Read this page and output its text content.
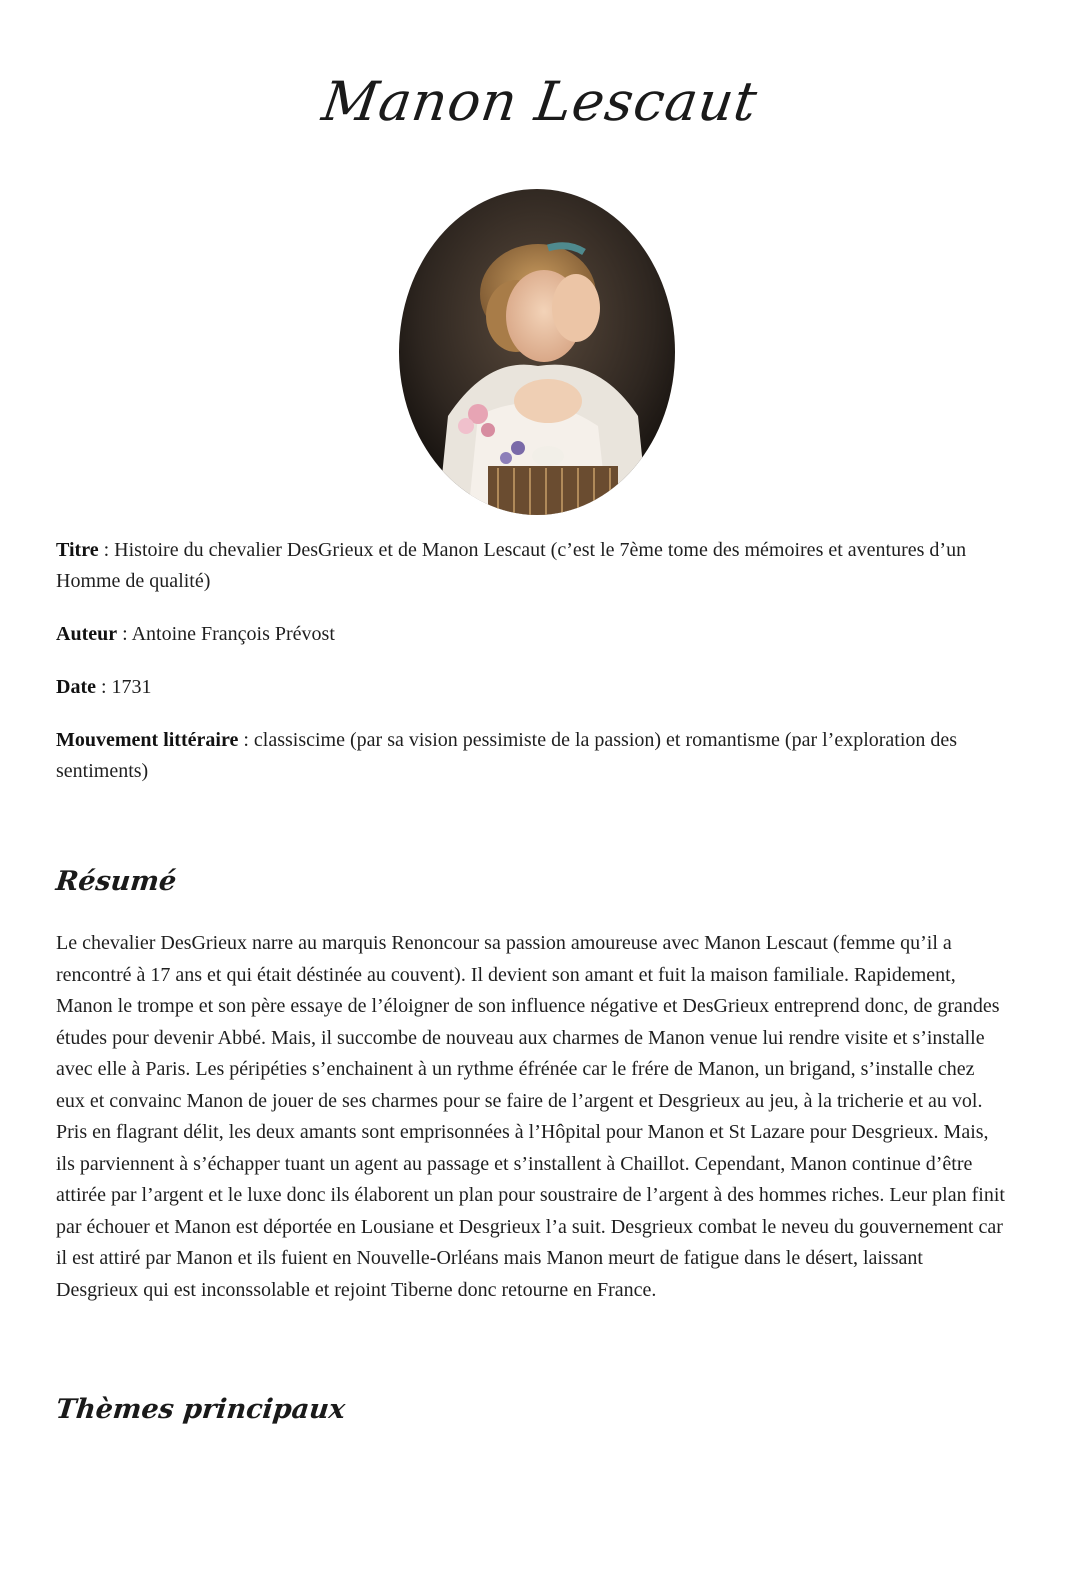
Manon Lescaut
Titre : Histoire du chevalier DesGrieux et de Manon Lescaut (c’est le 7ème tome des mémoires et aventures d’un Homme de qualité)
Auteur : Antoine François Prévost
Date : 1731
Mouvement littéraire : classiscime (par sa vision pessimiste de la passion) et romantisme (par l’exploration des sentiments)
Résumé
Le chevalier DesGrieux narre au marquis Renoncour sa passion amoureuse avec Manon Lescaut (femme qu’il a rencontré à 17 ans et qui était déstinée au couvent). Il devient son amant et fuit la maison familiale. Rapidement, Manon le trompe et son père essaye de l’éloigner de son influence négative et DesGrieux entreprend donc, de grandes études pour devenir Abbé. Mais, il succombe de nouveau aux charmes de Manon venue lui rendre visite et s’installe avec elle à Paris. Les péripéties s’enchainent à un rythme éfrénée car le frére de Manon, un brigand, s’installe chez eux et convainc Manon de jouer de ses charmes pour se faire de l’argent et Desgrieux au jeu, à la tricherie et au vol. Pris en flagrant délit, les deux amants sont emprisonnées à l’Hôpital pour Manon et St Lazare pour Desgrieux. Mais, ils parviennent à s’échapper tuant un agent au passage et s’installent à Chaillot. Cependant, Manon continue d’être attirée par l’argent et le luxe donc ils élaborent un plan pour soustraire de l’argent à des hommes riches. Leur plan finit par échouer et Manon est déportée en Lousiane et Desgrieux l’a suit. Desgrieux combat le neveu du gouvernement car il est attiré par Manon et ils fuient en Nouvelle-Orléans mais Manon meurt de fatigue dans le désert, laissant Desgrieux qui est inconssolable et rejoint Tiberne donc retourne en France.
Thèmes principaux
